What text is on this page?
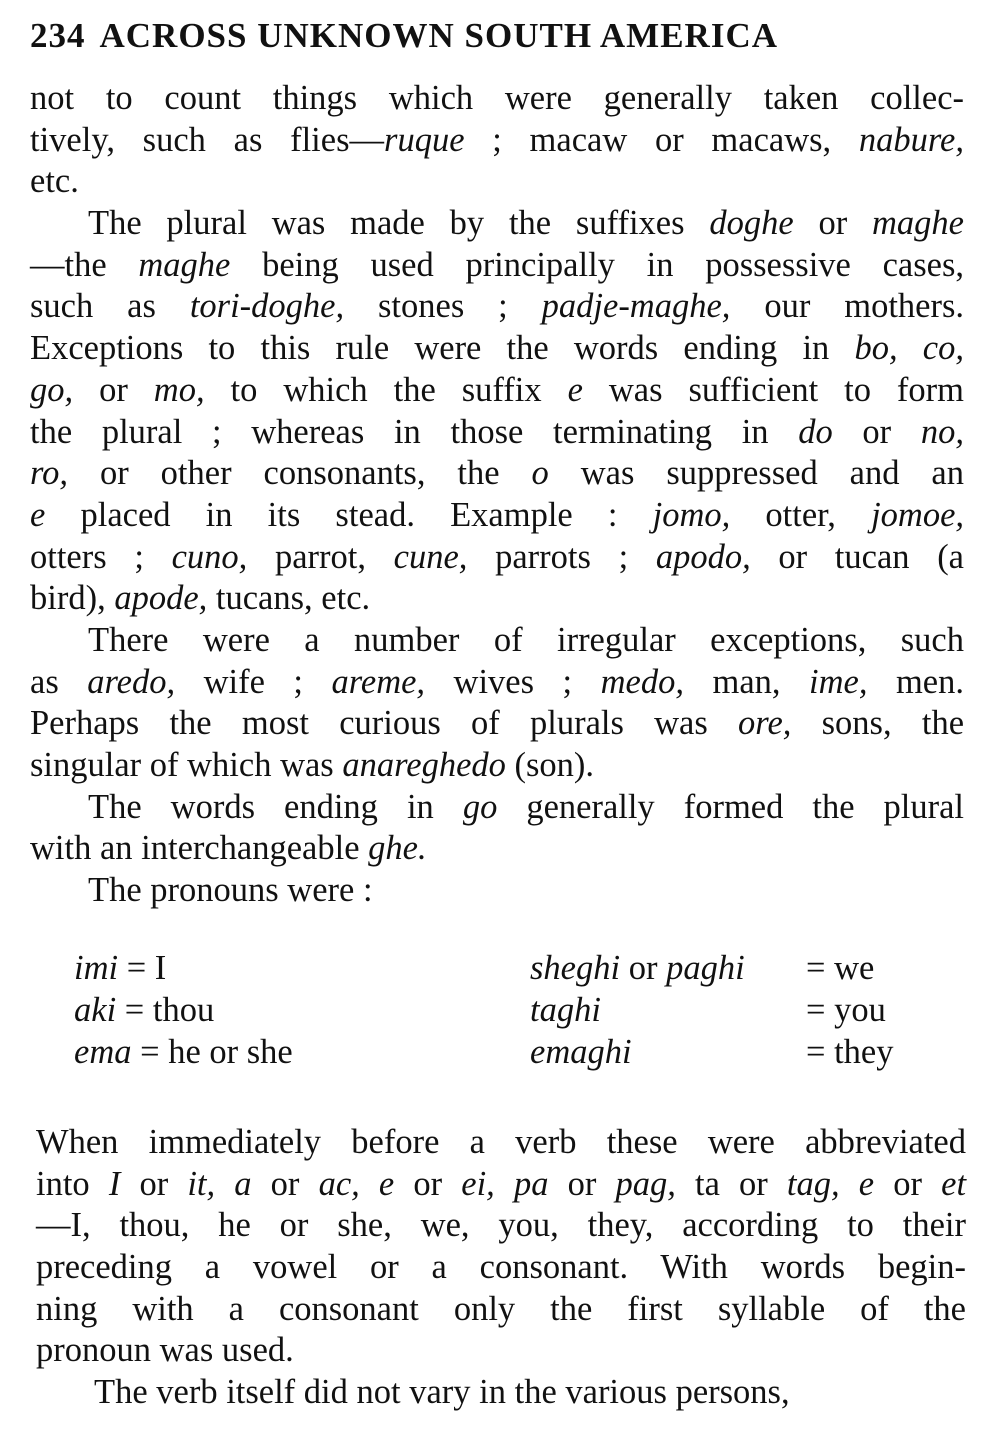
234 ACROSS UNKNOWN SOUTH AMERICA
not to count things which were generally taken collec-
tively, such as flies—ruque ; macaw or macaws, nabure,
etc.
The plural was made by the suffixes doghe or maghe
—the maghe being used principally in possessive cases,
such as tori-doghe, stones ; padje-maghe, our mothers.
Exceptions to this rule were the words ending in bo, co,
go, or mo, to which the suffix e was sufficient to form
the plural ; whereas in those terminating in do or no,
ro, or other consonants, the o was suppressed and an
e placed in its stead. Example : jomo, otter, jomoe,
otters ; cuno, parrot, cune, parrots ; apodo, or tucan (a
bird), apode, tucans, etc.
There were a number of irregular exceptions, such
as aredo, wife ; areme, wives ; medo, man, ime, men.
Perhaps the most curious of plurals was ore, sons, the
singular of which was anareghedo (son).
The words ending in go generally formed the plural
with an interchangeable ghe.
The pronouns were :
imi = I	sheghi or paghi = we
aki = thou	taghi	= you
ema = he or she	emaghi	= they
When immediately before a verb these were abbreviated
into I or it, a or ac, e or ei, pa or pag, ta or tag, e or et
—I, thou, he or she, we, you, they, according to their
preceding a vowel or a consonant. With words begin-
ning with a consonant only the first syllable of the
pronoun was used.
The verb itself did not vary in the various persons,
